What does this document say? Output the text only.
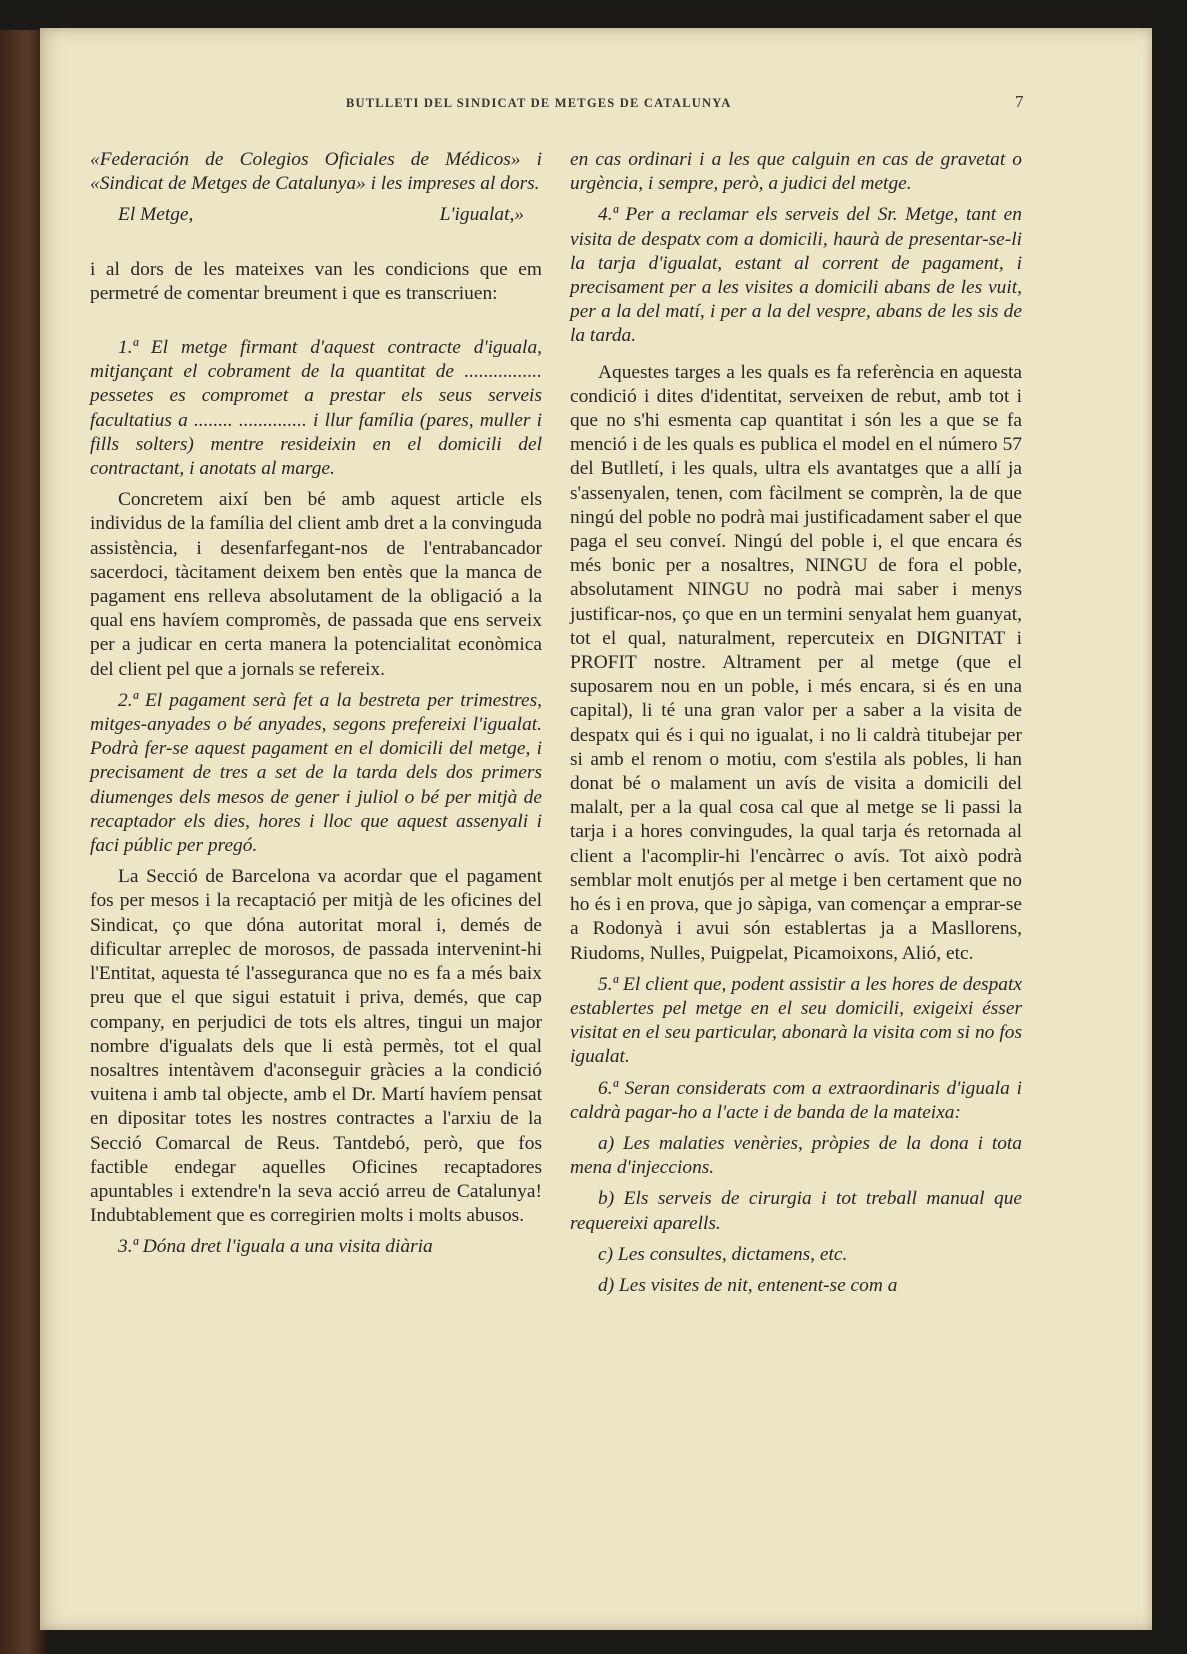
BUTLLETI DEL SINDICAT DE METGES DE CATALUNYA	7

«Federación de Colegios Oficiales de Médicos» i «Sindicat de Metges de Catalunya» i les impreses al dors.

El Metge,	L'igualat,»

i al dors de les mateixes van les condicions que em permetré de comentar breument i que es transcriuen:

1.ª El metge firmant d'aquest contracte d'iguala, mitjançant el cobrament de la quantitat de ................ pessetes es compromet a prestar els seus serveis facultatius a ........ .............. i llur família (pares, muller i fills solters) mentre resideixin en el domicili del contractant, i anotats al marge.

Concretem així ben bé amb aquest article els individus de la família del client amb dret a la convinguda assistència, i desenfarfegant-nos de l'entrabancador sacerdoci, tàcitament deixem ben entès que la manca de pagament ens relleva absolutament de la obligació a la qual ens havíem compromès, de passada que ens serveix per a judicar en certa manera la potencialitat econòmica del client pel que a jornals se refereix.

2.ª El pagament serà fet a la bestreta per trimestres, mitges-anyades o bé anyades, segons prefereixi l'igualat. Podrà fer-se aquest pagament en el domicili del metge, i precisament de tres a set de la tarda dels dos primers diumenges dels mesos de gener i juliol o bé per mitjà de recaptador els dies, hores i lloc que aquest assenyali i faci públic per pregó.

La Secció de Barcelona va acordar que el pagament fos per mesos i la recaptació per mitjà de les oficines del Sindicat, ço que dóna autoritat moral i, demés de dificultar arreplec de morosos, de passada intervenint-hi l'Entitat, aquesta té l'asseguranca que no es fa a més baix preu que el que sigui estatuit i priva, demés, que cap company, en perjudici de tots els altres, tingui un major nombre d'igualats dels que li està permès, tot el qual nosaltres intentàvem d'aconseguir gràcies a la condició vuitena i amb tal objecte, amb el Dr. Martí havíem pensat en dipositar totes les nostres contractes a l'arxiu de la Secció Comarcal de Reus. Tantdebó, però, que fos factible endegar aquelles Oficines recaptadores apuntables i extendre'n la seva acció arreu de Catalunya! Indubtablement que es corregirien molts i molts abusos.

3.ª Dóna dret l'iguala a una visita diària

en cas ordinari i a les que calguin en cas de gravetat o urgència, i sempre, però, a judici del metge.

4.ª Per a reclamar els serveis del Sr. Metge, tant en visita de despatx com a domicili, haurà de presentar-se-li la tarja d'igualat, estant al corrent de pagament, i precisament per a les visites a domicili abans de les vuit, per a la del matí, i per a la del vespre, abans de les sis de la tarda.

Aquestes targes a les quals es fa referència en aquesta condició i dites d'identitat, serveixen de rebut, amb tot i que no s'hi esmenta cap quantitat i són les a que se fa menció i de les quals es publica el model en el número 57 del Butlletí, i les quals, ultra els avantatges que a allí ja s'assenyalen, tenen, com fàcilment se comprèn, la de que ningú del poble no podrà mai justificadament saber el que paga el seu conveí. Ningú del poble i, el que encara és més bonic per a nosaltres, NINGU de fora el poble, absolutament NINGU no podrà mai saber i menys justificar-nos, ço que en un termini senyalat hem guanyat, tot el qual, naturalment, repercuteix en DIGNITAT i PROFIT nostre. Altrament per al metge (que el suposarem nou en un poble, i més encara, si és en una capital), li té una gran valor per a saber a la visita de despatx qui és i qui no igualat, i no li caldrà titubejar per si amb el renom o motiu, com s'estila als pobles, li han donat bé o malament un avís de visita a domicili del malalt, per a la qual cosa cal que al metge se li passi la tarja i a hores convingudes, la qual tarja és retornada al client a l'acomplir-hi l'encàrrec o avís. Tot això podrà semblar molt enutjós per al metge i ben certament que no ho és i en prova, que jo sàpiga, van començar a emprar-se a Rodonyà i avui són establertas ja a Masllorens, Riudoms, Nulles, Puigpelat, Picamoixons, Alió, etc.

5.ª El client que, podent assistir a les hores de despatx establertes pel metge en el seu domicili, exigeixi ésser visitat en el seu particular, abonarà la visita com si no fos igualat.

6.ª Seran considerats com a extraordinaris d'iguala i caldrà pagar-ho a l'acte i de banda de la mateixa:

a) Les malaties venèries, pròpies de la dona i tota mena d'injeccions.

b) Els serveis de cirurgia i tot treball manual que requereixi aparells.

c) Les consultes, dictamens, etc.

d) Les visites de nit, entenent-se com a
